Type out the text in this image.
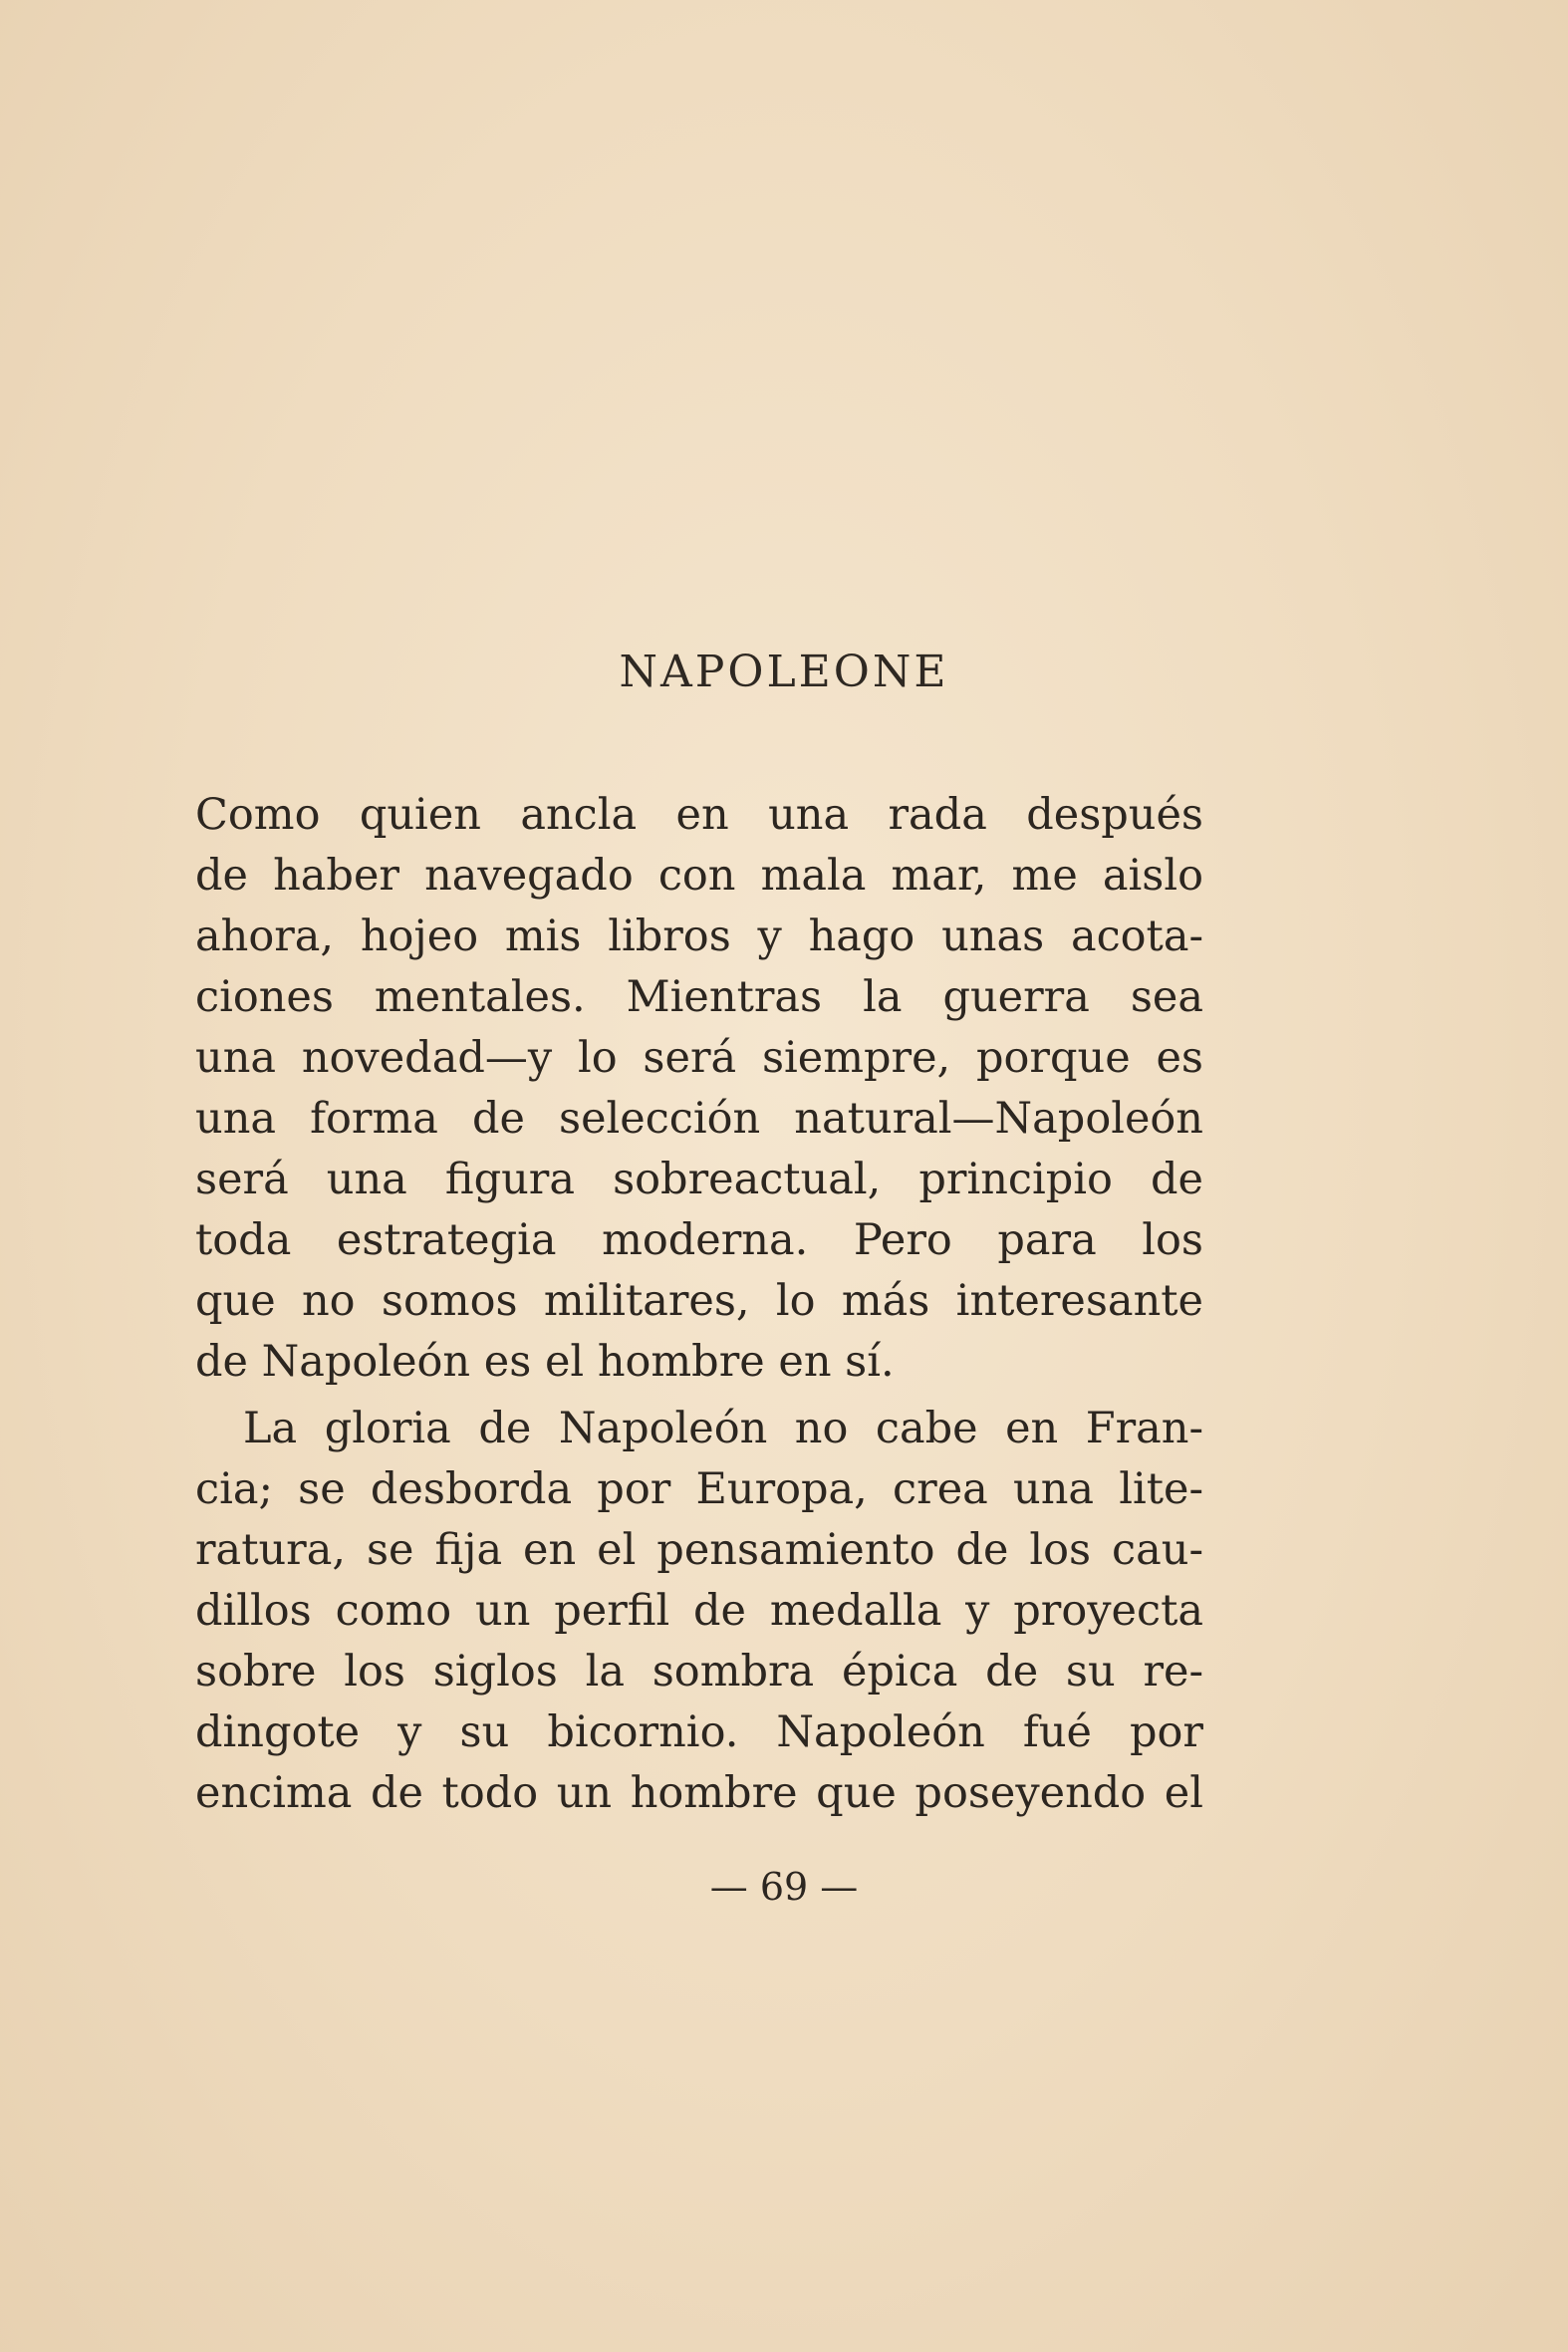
NAPOLEONE
Como quien ancla en una rada después
de haber navegado con mala mar, me aislo
ahora, hojeo mis libros y hago unas acota-
ciones mentales. Mientras la guerra sea
una novedad—y lo será siempre, porque es
una forma de selección natural—Napoleón
será una figura sobreactual, principio de
toda estrategia moderna. Pero para los
que no somos militares, lo más interesante
de Napoleón es el hombre en sí.
La gloria de Napoleón no cabe en Fran-
cia; se desborda por Europa, crea una lite-
ratura, se fija en el pensamiento de los cau-
dillos como un perfil de medalla y proyecta
sobre los siglos la sombra épica de su re-
dingote y su bicornio. Napoleón fué por
encima de todo un hombre que poseyendo el
— 69 —
